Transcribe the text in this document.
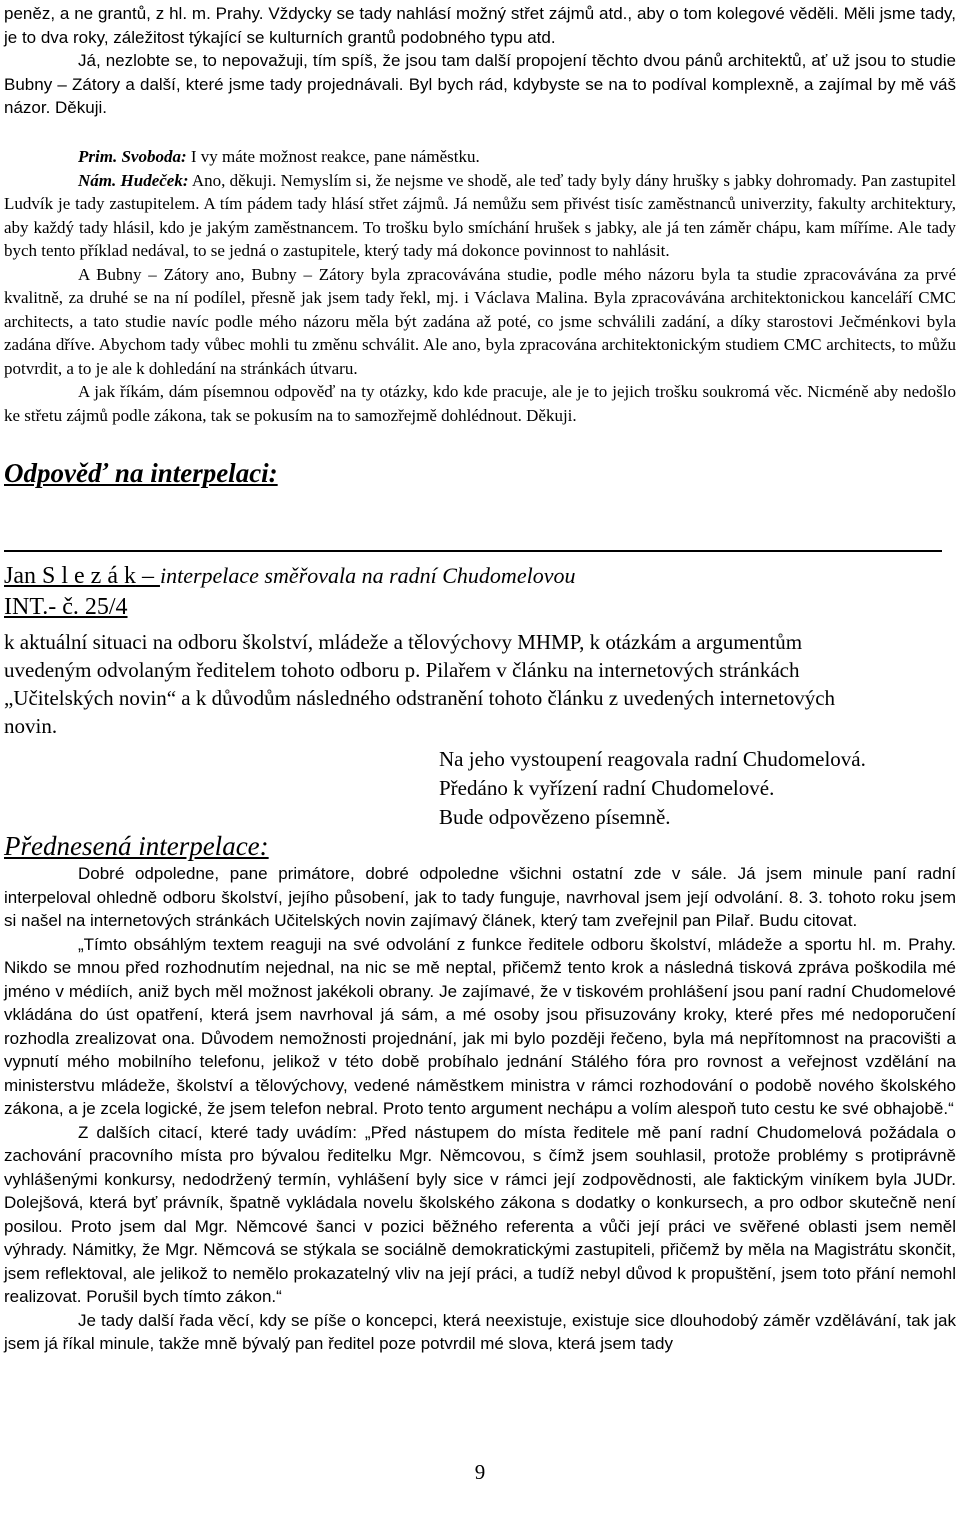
peněz, a ne grantů, z hl. m. Prahy. Vždycky se tady nahlásí možný střet zájmů atd., aby o tom kolegové věděli. Měli jsme tady, je to dva roky, záležitost týkající se kulturních grantů podobného typu atd.

Já, nezlobte se, to nepovažuji, tím spíš, že jsou tam další propojení těchto dvou pánů architektů, ať už jsou to studie Bubny – Zátory a další, které jsme tady projednávali. Byl bych rád, kdybyste se na to podíval komplexně, a zajímal by mě váš názor. Děkuji.

Prim. Svoboda: I vy máte možnost reakce, pane náměstku.

Nám. Hudeček: Ano, děkuji. Nemyslím si, že nejsme ve shodě, ale teď tady byly dány hrušky s jabky dohromady. Pan zastupitel Ludvík je tady zastupitelem. A tím pádem tady hlásí střet zájmů. Já nemůžu sem přivést tisíc zaměstnanců univerzity, fakulty architektury, aby každý tady hlásil, kdo je jakým zaměstnancem. To trošku bylo smíchání hrušek s jabky, ale já ten záměr chápu, kam míříme. Ale tady bych tento příklad nedával, to se jedná o zastupitele, který tady má dokonce povinnost to nahlásit.

A Bubny – Zátory ano, Bubny – Zátory byla zpracovávána studie, podle mého názoru byla ta studie zpracovávána za prvé kvalitně, za druhé se na ní podílel, přesně jak jsem tady řekl, mj. i Václava Malina. Byla zpracovávána architektonickou kanceláří CMC architects, a tato studie navíc podle mého názoru měla být zadána až poté, co jsme schválili zadání, a díky starostovi Ječménkovi byla zadána dříve. Abychom tady vůbec mohli tu změnu schválit. Ale ano, byla zpracována architektonickým studiem CMC architects, to můžu potvrdit, a to je ale k dohledání na stránkách útvaru.

A jak říkám, dám písemnou odpověď na ty otázky, kdo kde pracuje, ale je to jejich trošku soukromá věc. Nicméně aby nedošlo ke střetu zájmů podle zákona, tak se pokusím na to samozřejmě dohlédnout. Děkuji.

Odpověď na interpelaci:
Jan S l e z á k – interpelace směřovala na radní Chudomelovou
INT.- č. 25/4
k aktuální situaci na odboru školství, mládeže a tělovýchovy MHMP, k otázkám a argumentům uvedeným odvolaným ředitelem tohoto odboru p. Pilařem v článku na internetových stránkách „Učitelských novin“ a k důvodům následného odstranění tohoto článku z uvedených internetových novin.

Na jeho vystoupení reagovala radní Chudomelová.

Předáno k vyřízení radní Chudomelové.

Bude odpovězeno písemně.

Přednesená interpelace:

Dobré odpoledne, pane primátore, dobré odpoledne všichni ostatní zde v sále. Já jsem minule paní radní interpeloval ohledně odboru školství, jejího působení, jak to tady funguje, navrhoval jsem její odvolání. 8. 3. tohoto roku jsem si našel na internetových stránkách Učitelských novin zajímavý článek, který tam zveřejnil pan Pilař. Budu citovat.

„Tímto obsáhlým textem reaguji na své odvolání z funkce ředitele odboru školství, mládeže a sportu hl. m. Prahy. Nikdo se mnou před rozhodnutím nejednal, na nic se mě neptal, přičemž tento krok a následná tisková zpráva poškodila mé jméno v médiích, aniž bych měl možnost jakékoli obrany. Je zajímavé, že v tiskovém prohlášení jsou paní radní Chudomelové vkládána do úst opatření, která jsem navrhoval já sám, a mé osoby jsou přisuzovány kroky, které přes mé nedoporučení rozhodla zrealizovat ona. Důvodem nemožnosti projednání, jak mi bylo později řečeno, byla má nepřítomnost na pracovišti a vypnutí mého mobilního telefonu, jelikož v této době probíhalo jednání Stálého fóra pro rovnost a veřejnost vzdělání na ministerstvu mládeže, školství a tělovýchovy, vedené náměstkem ministra v rámci rozhodování o podobě nového školského zákona, a je zcela logické, že jsem telefon nebral. Proto tento argument nechápu a volím alespoň tuto cestu ke své obhajobě.“

Z dalších citací, které tady uvádím: „Před nástupem do místa ředitele mě paní radní Chudomelová požádala o zachování pracovního místa pro bývalou ředitelku Mgr. Němcovou, s čímž jsem souhlasil, protože problémy s protiprávně vyhlášenými konkursy, nedodržený termín, vyhlášení byly sice v rámci její zodpovědnosti, ale faktickým viníkem byla JUDr. Dolejšová, která byť právník, špatně vykládala novelu školského zákona s dodatky o konkursech, a pro odbor skutečně není posilou. Proto jsem dal Mgr. Němcové šanci v pozici běžného referenta a vůči její práci ve svěřené oblasti jsem neměl výhrady. Námitky, že Mgr. Němcová se stýkala se sociálně demokratickými zastupiteli, přičemž by měla na Magistrátu skončit, jsem reflektoval, ale jelikož to nemělo prokazatelný vliv na její práci, a tudíž nebyl důvod k propuštění, jsem toto přání nemohl realizovat. Porušil bych tímto zákon.“

Je tady další řada věcí, kdy se píše o koncepci, která neexistuje, existuje sice dlouhodobý záměr vzdělávání, tak jak jsem já říkal minule, takže mně bývalý pan ředitel poze potvrdil mé slova, která jsem tady

9
